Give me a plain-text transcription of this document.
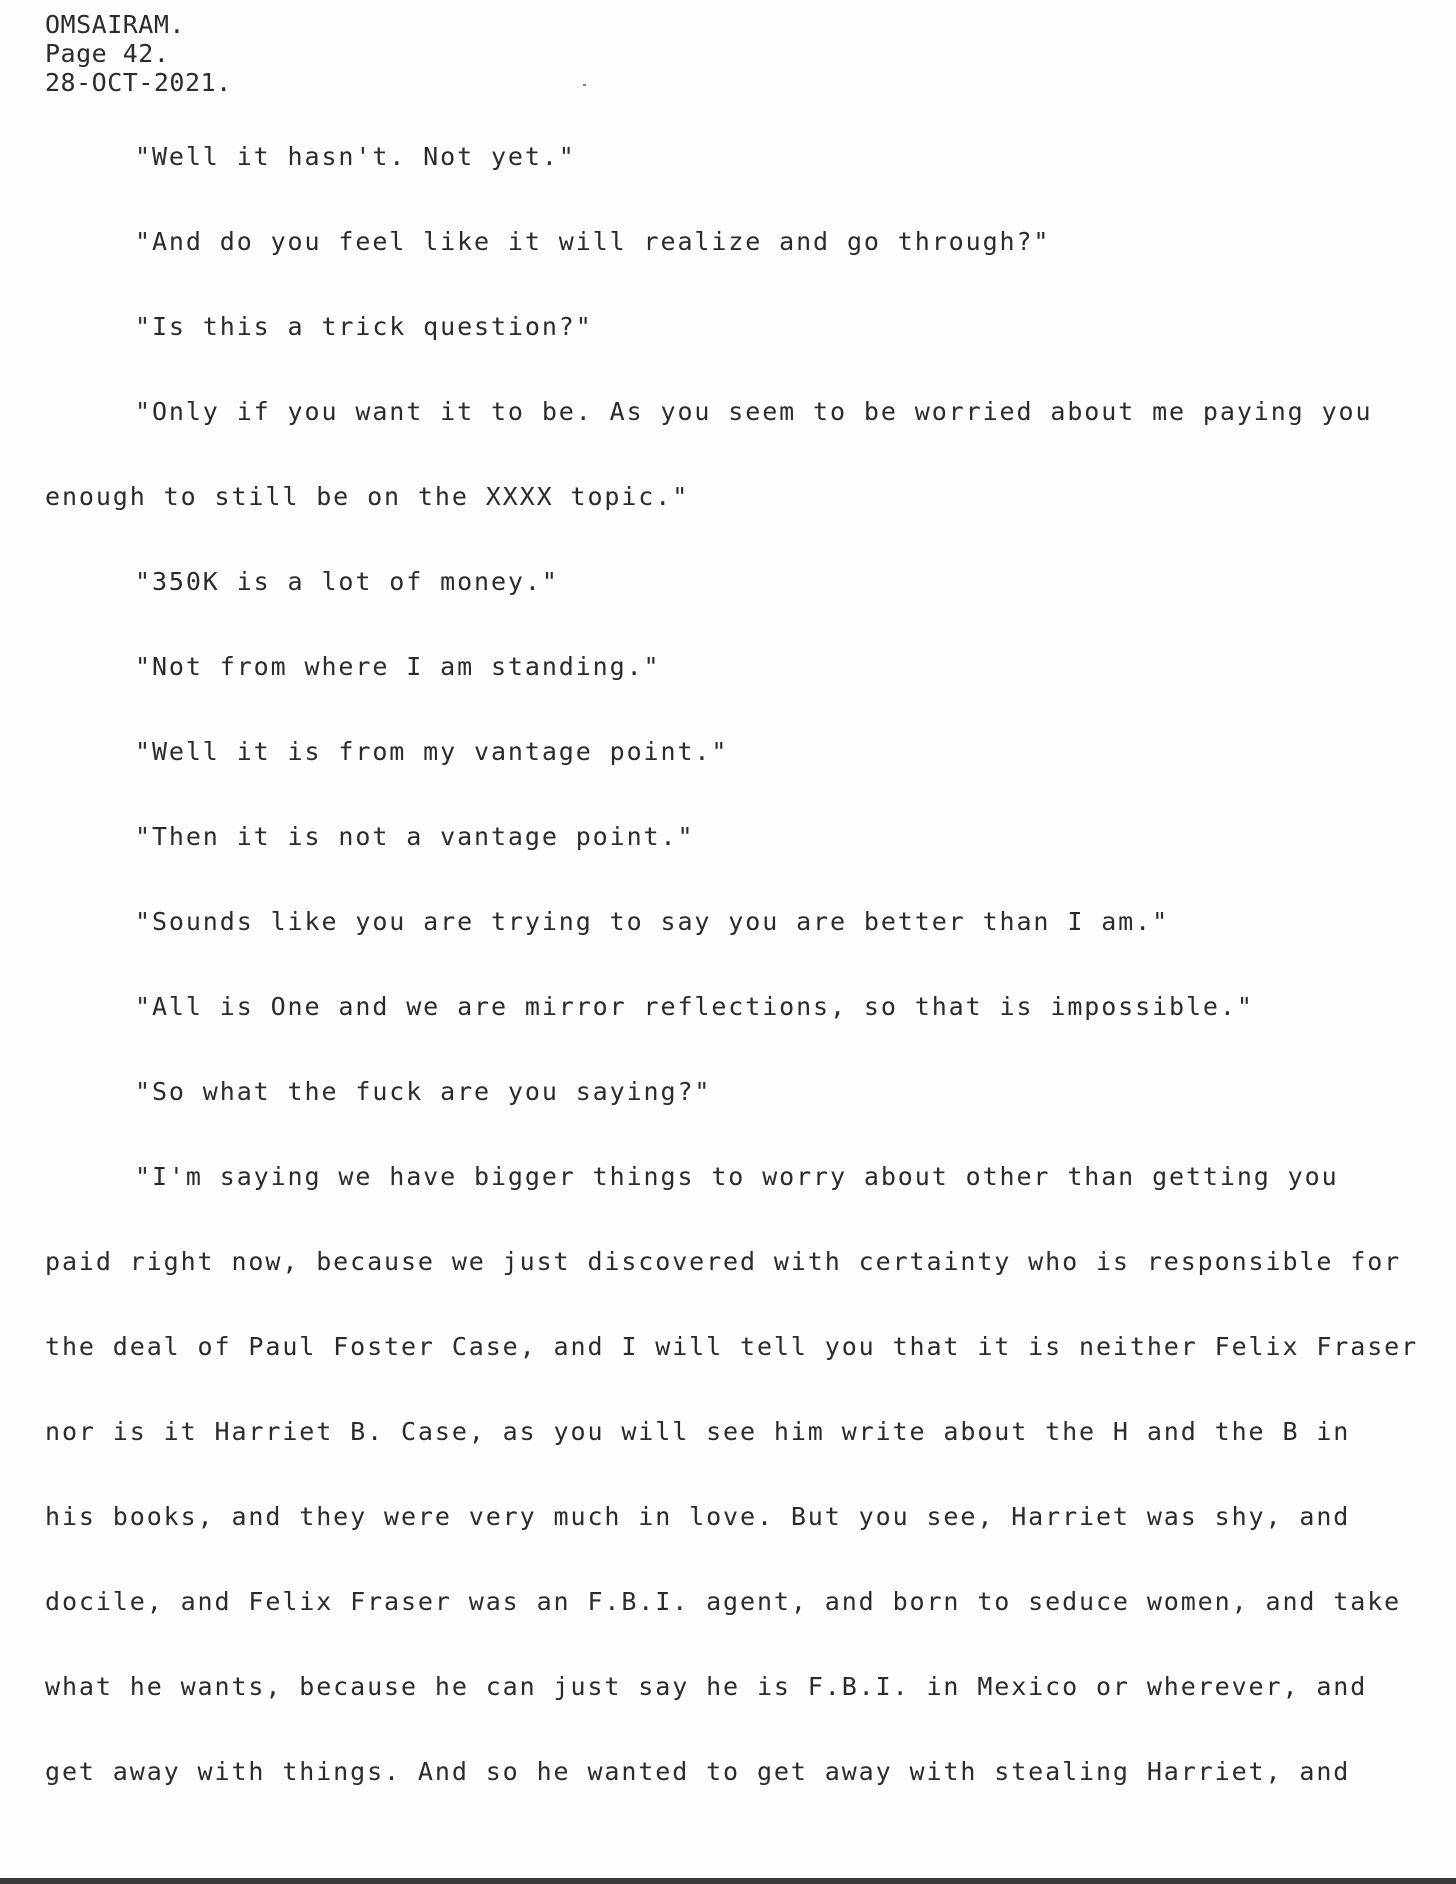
OMSAIRAM.
Page 42.
28-OCT-2021.
"Well it hasn't. Not yet."
"And do you feel like it will realize and go through?"
"Is this a trick question?"
"Only if you want it to be. As you seem to be worried about me paying you
enough to still be on the XXXX topic."
"350K is a lot of money."
"Not from where I am standing."
"Well it is from my vantage point."
"Then it is not a vantage point."
"Sounds like you are trying to say you are better than I am."
"All is One and we are mirror reflections, so that is impossible."
"So what the fuck are you saying?"
"I'm saying we have bigger things to worry about other than getting you
paid right now, because we just discovered with certainty who is responsible for
the deal of Paul Foster Case, and I will tell you that it is neither Felix Fraser
nor is it Harriet B. Case, as you will see him write about the H and the B in
his books, and they were very much in love. But you see, Harriet was shy, and
docile, and Felix Fraser was an F.B.I. agent, and born to seduce women, and take
what he wants, because he can just say he is F.B.I. in Mexico or wherever, and
get away with things. And so he wanted to get away with stealing Harriet, and
